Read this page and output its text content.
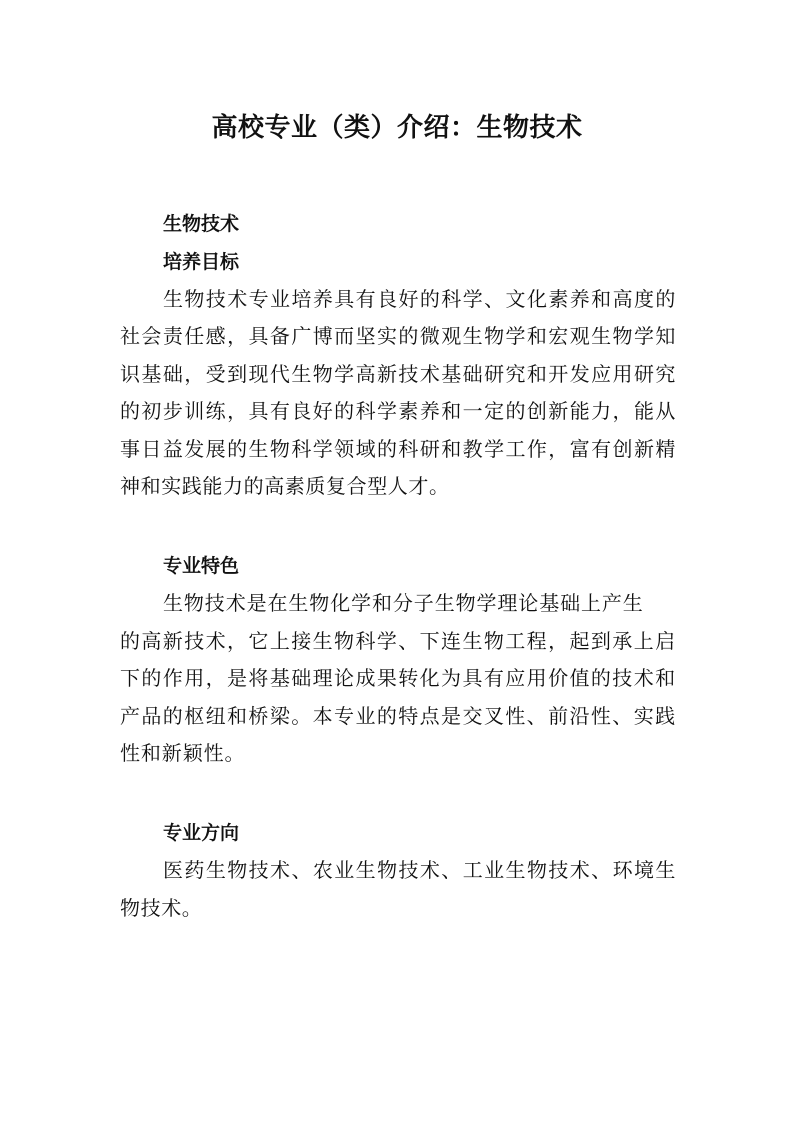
高校专业（类）介绍：生物技术
生物技术
培养目标

生物技术专业培养具有良好的科学、文化素养和高度的社会责任感，具备广博而坚实的微观生物学和宏观生物学知识基础，受到现代生物学高新技术基础研究和开发应用研究的初步训练，具有良好的科学素养和一定的创新能力，能从事日益发展的生物科学领域的科研和教学工作，富有创新精神和实践能力的高素质复合型人才。

专业特色

生物技术是在生物化学和分子生物学理论基础上产生
的高新技术，它上接生物科学、下连生物工程，起到承上启下的作用，是将基础理论成果转化为具有应用价值的技术和产品的枢纽和桥梁。本专业的特点是交叉性、前沿性、实践性和新颖性。

专业方向

医药生物技术、农业生物技术、工业生物技术、环境生物技术。
